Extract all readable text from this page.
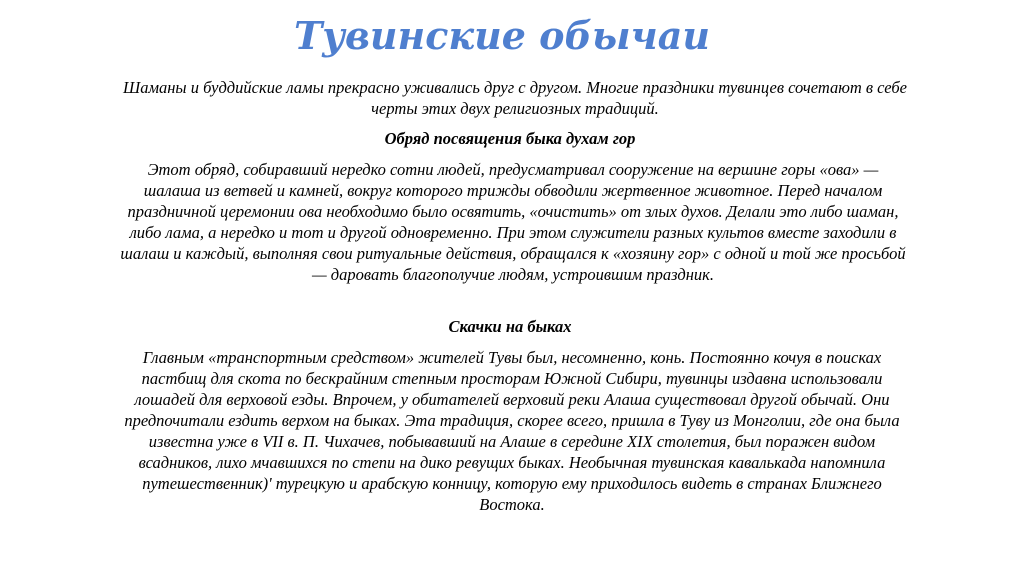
Тувинские обычаи

Шаманы и буддийские ламы прекрасно уживались друг с другом. Многие праздники тувинцев сочетают в себе черты этих двух религиозных традиций.

Обряд посвящения быка духам гор

Этот обряд, собиравший нередко сотни людей, предусматривал сооружение на вершине горы «ова» — шалаша из ветвей и камней, вокруг которого трижды обводили жертвенное животное. Перед началом праздничной церемонии ова необходимо было освятить, «очистить» от злых духов. Делали это либо шаман, либо лама, а нередко и тот и другой одновременно. При этом служители разных культов вместе заходили в шалаш и каждый, выполняя свои ритуальные действия, обращался к «хозяину гор» с одной и той же просьбой — даровать благополучие людям, устроившим праздник.

Скачки на быках

Главным «транспортным средством» жителей Тувы был, несомненно, конь. Постоянно кочуя в поисках пастбищ для скота по бескрайним степным просторам Южной Сибири, тувинцы издавна использовали лошадей для верховой езды. Впрочем, у обитателей верховий реки Алаша существовал другой обычай. Они предпочитали ездить верхом на быках. Эта традиция, скорее всего, пришла в Туву из Монголии, где она была известна уже в VII в. П. Чихачев, побывавший на Алаше в середине XIX столетия, был поражен видом всадников, лихо мчавшихся по степи на дико ревущих быках. Необычная тувинская кавалькада напомнила путешественник)' турецкую и арабскую конницу, которую ему приходилось видеть в странах Ближнего Востока.
